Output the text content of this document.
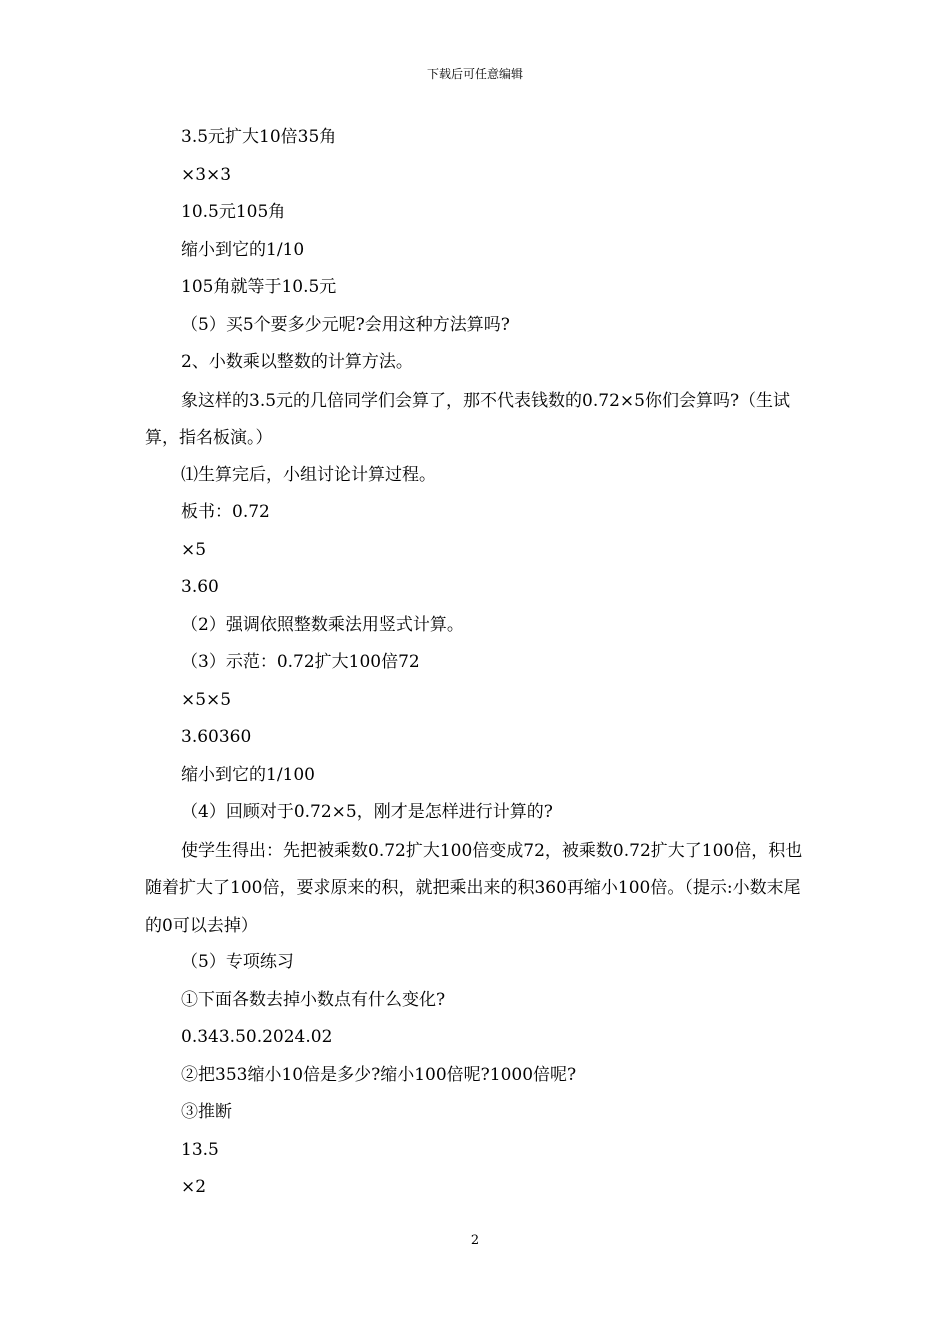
下载后可任意编辑

3.5元扩大10倍35角

×3×3

10.5元105角

缩小到它的1/10

105角就等于10.5元

（5）买5个要多少元呢?会用这种方法算吗?

2、小数乘以整数的计算方法。

象这样的3.5元的几倍同学们会算了，那不代表钱数的0.72×5你们会算吗?（生试算，指名板演。）

⑴生算完后，小组讨论计算过程。

板书：0.72

×5

3.60

（2）强调依照整数乘法用竖式计算。

（3）示范：0.72扩大100倍72

×5×5

3.60360

缩小到它的1/100

（4）回顾对于0.72×5，刚才是怎样进行计算的?

使学生得出：先把被乘数0.72扩大100倍变成72，被乘数0.72扩大了100倍，积也随着扩大了100倍，要求原来的积，就把乘出来的积360再缩小100倍。（提示:小数末尾的0可以去掉）

（5）专项练习

①下面各数去掉小数点有什么变化?

0.343.50.2024.02

②把353缩小10倍是多少?缩小100倍呢?1000倍呢?

③推断

13.5

×2

2
